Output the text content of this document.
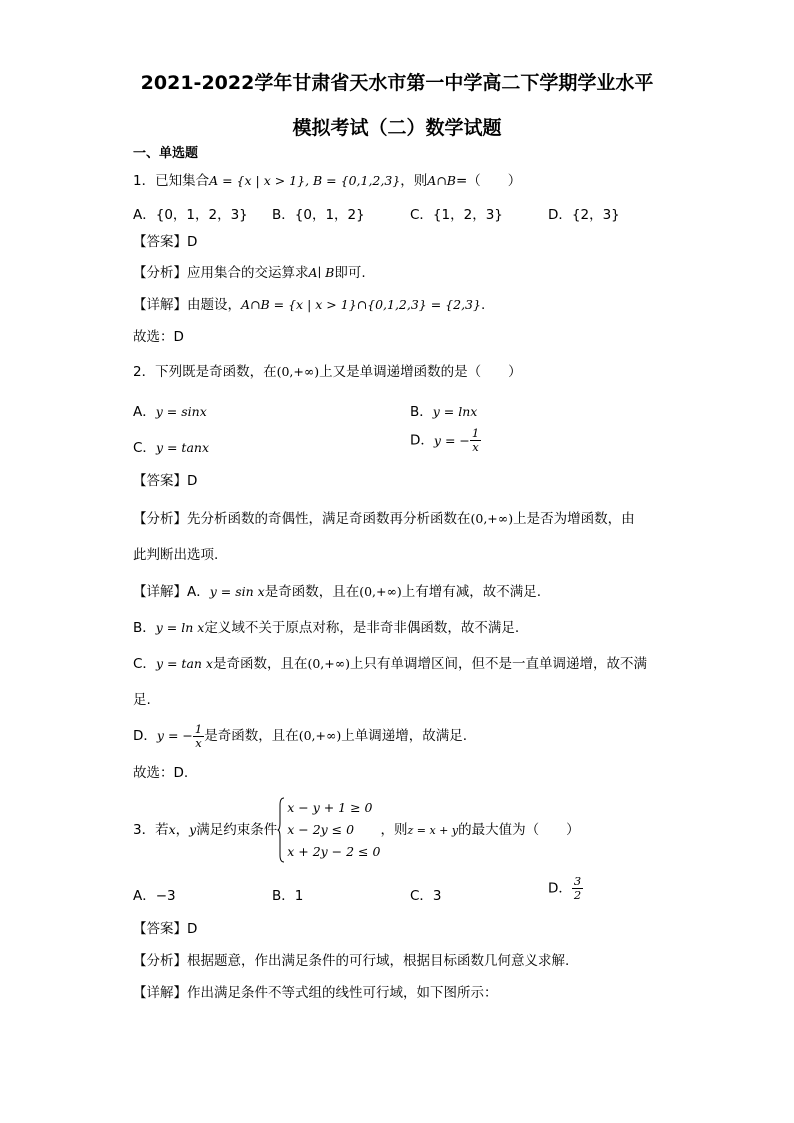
2021-2022学年甘肃省天水市第一中学高二下学期学业水平
模拟考试（二）数学试题
一、单选题
1．已知集合A = {x | x > 1}, B = {0,1,2,3}，则A∩B=（　　）
A．{0，1，2，3} B．{0，1，2}	C．{1，2，3}	D．{2，3}
【答案】D
【分析】应用集合的交运算求A∣ B即可.
【详解】由题设，A∩B = {x | x > 1}∩{0,1,2,3} = {2,3}.
故选：D
2．下列既是奇函数，在(0,+∞)上又是单调递增函数的是（　　）
A．y = sinx	B．y = lnx
C．y = tanx	D．y = − $\frac{1}{x}$
【答案】D
【分析】先分析函数的奇偶性，满足奇函数再分析函数在(0,+∞)上是否为增函数，由
此判断出选项.
【详解】A．y = sin x是奇函数，且在(0,+∞)上有增有减，故不满足.
B．y = ln x定义域不关于原点对称，是非奇非偶函数，故不满足.
C．y = tan x是奇函数，且在(0,+∞)上只有单调增区间，但不是一直单调递增，故不满
足.
D．y = − $\frac{1}{x}$ 是奇函数，且在(0,+∞)上单调递增，故满足.
故选：D.
3．若x，y满足约束条件
x − y + 1 ≥ 0
x − 2y ≤ 0
x + 2y − 2 ≤ 0
，则z = x + y的最大值为（　　）
A．−3	B．1	C．3	D． $\frac{3}{2}$
【答案】D
【分析】根据题意，作出满足条件的可行域，根据目标函数几何意义求解.
【详解】作出满足条件不等式组的线性可行域，如下图所示：
